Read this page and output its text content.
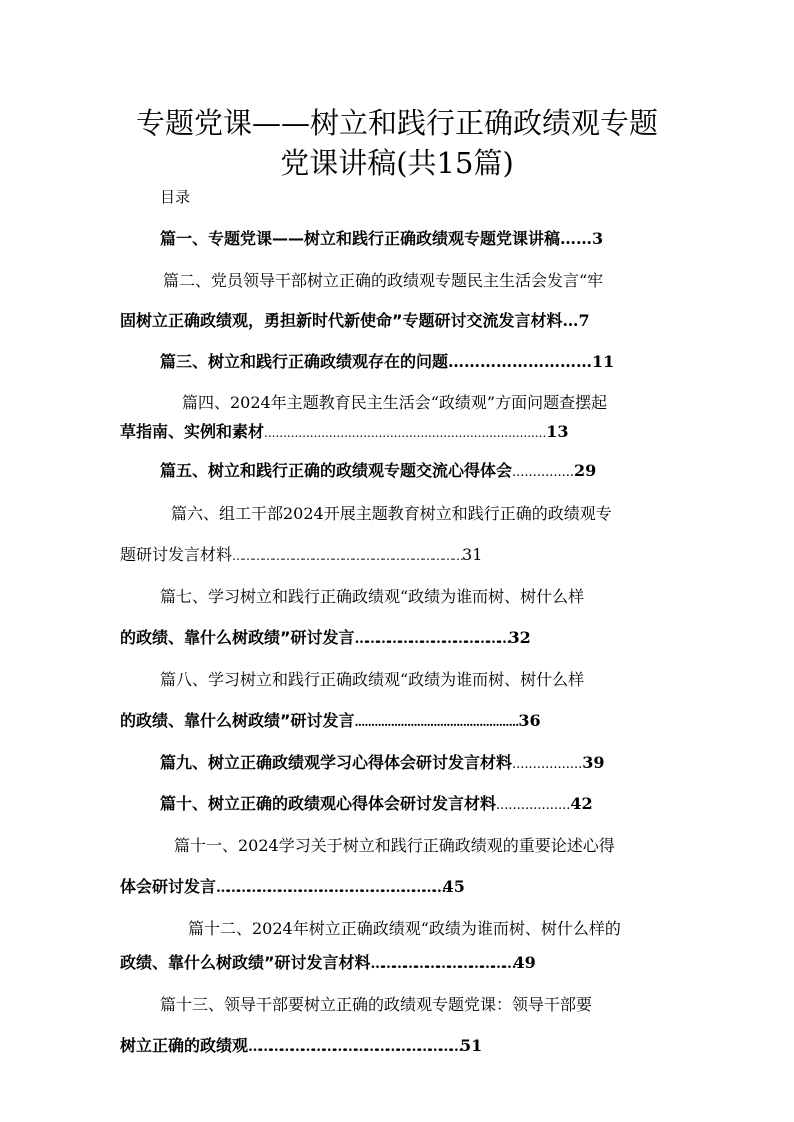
专题党课——树立和践行正确政绩观专题
党课讲稿(共15篇)
目录
篇一、专题党课——树立和践行正确政绩观专题党课讲稿……3
篇二、党员领导干部树立正确的政绩观专题民主生活会发言“牢
固树立正确政绩观，勇担新时代新使命”专题研讨交流发言材料…7
篇三、树立和践行正确政绩观存在的问题………………………11
篇四、2024年主题教育民主生活会“政绩观”方面问题查摆起
草指南、实例和素材..........................................................................13
篇五、树立和践行正确的政绩观专题交流心得体会...............29
篇六、组工干部2024开展主题教育树立和践行正确的政绩观专
题研讨发言材料……………………………………………………………31
篇七、学习树立和践行正确政绩观“政绩为谁而树、树什么样
的政绩、靠什么树政绩”研讨发言……………………………………32
篇八、学习树立和践行正确政绩观“政绩为谁而树、树什么样
的政绩、靠什么树政绩”研讨发言..................................................36
篇九、树立正确政绩观学习心得体会研讨发言材料.................39
篇十、树立正确的政绩观心得体会研讨发言材料..................42
篇十一、2024学习关于树立和践行正确政绩观的重要论述心得
体会研讨发言…………………………………………………………45
篇十二、2024年树立正确政绩观“政绩为谁而树、树什么样的
政绩、靠什么树政绩”研讨发言材料…………………………………49
篇十三、领导干部要树立正确的政绩观专题党课：领导干部要
树立正确的政绩观……………………………………………………51
